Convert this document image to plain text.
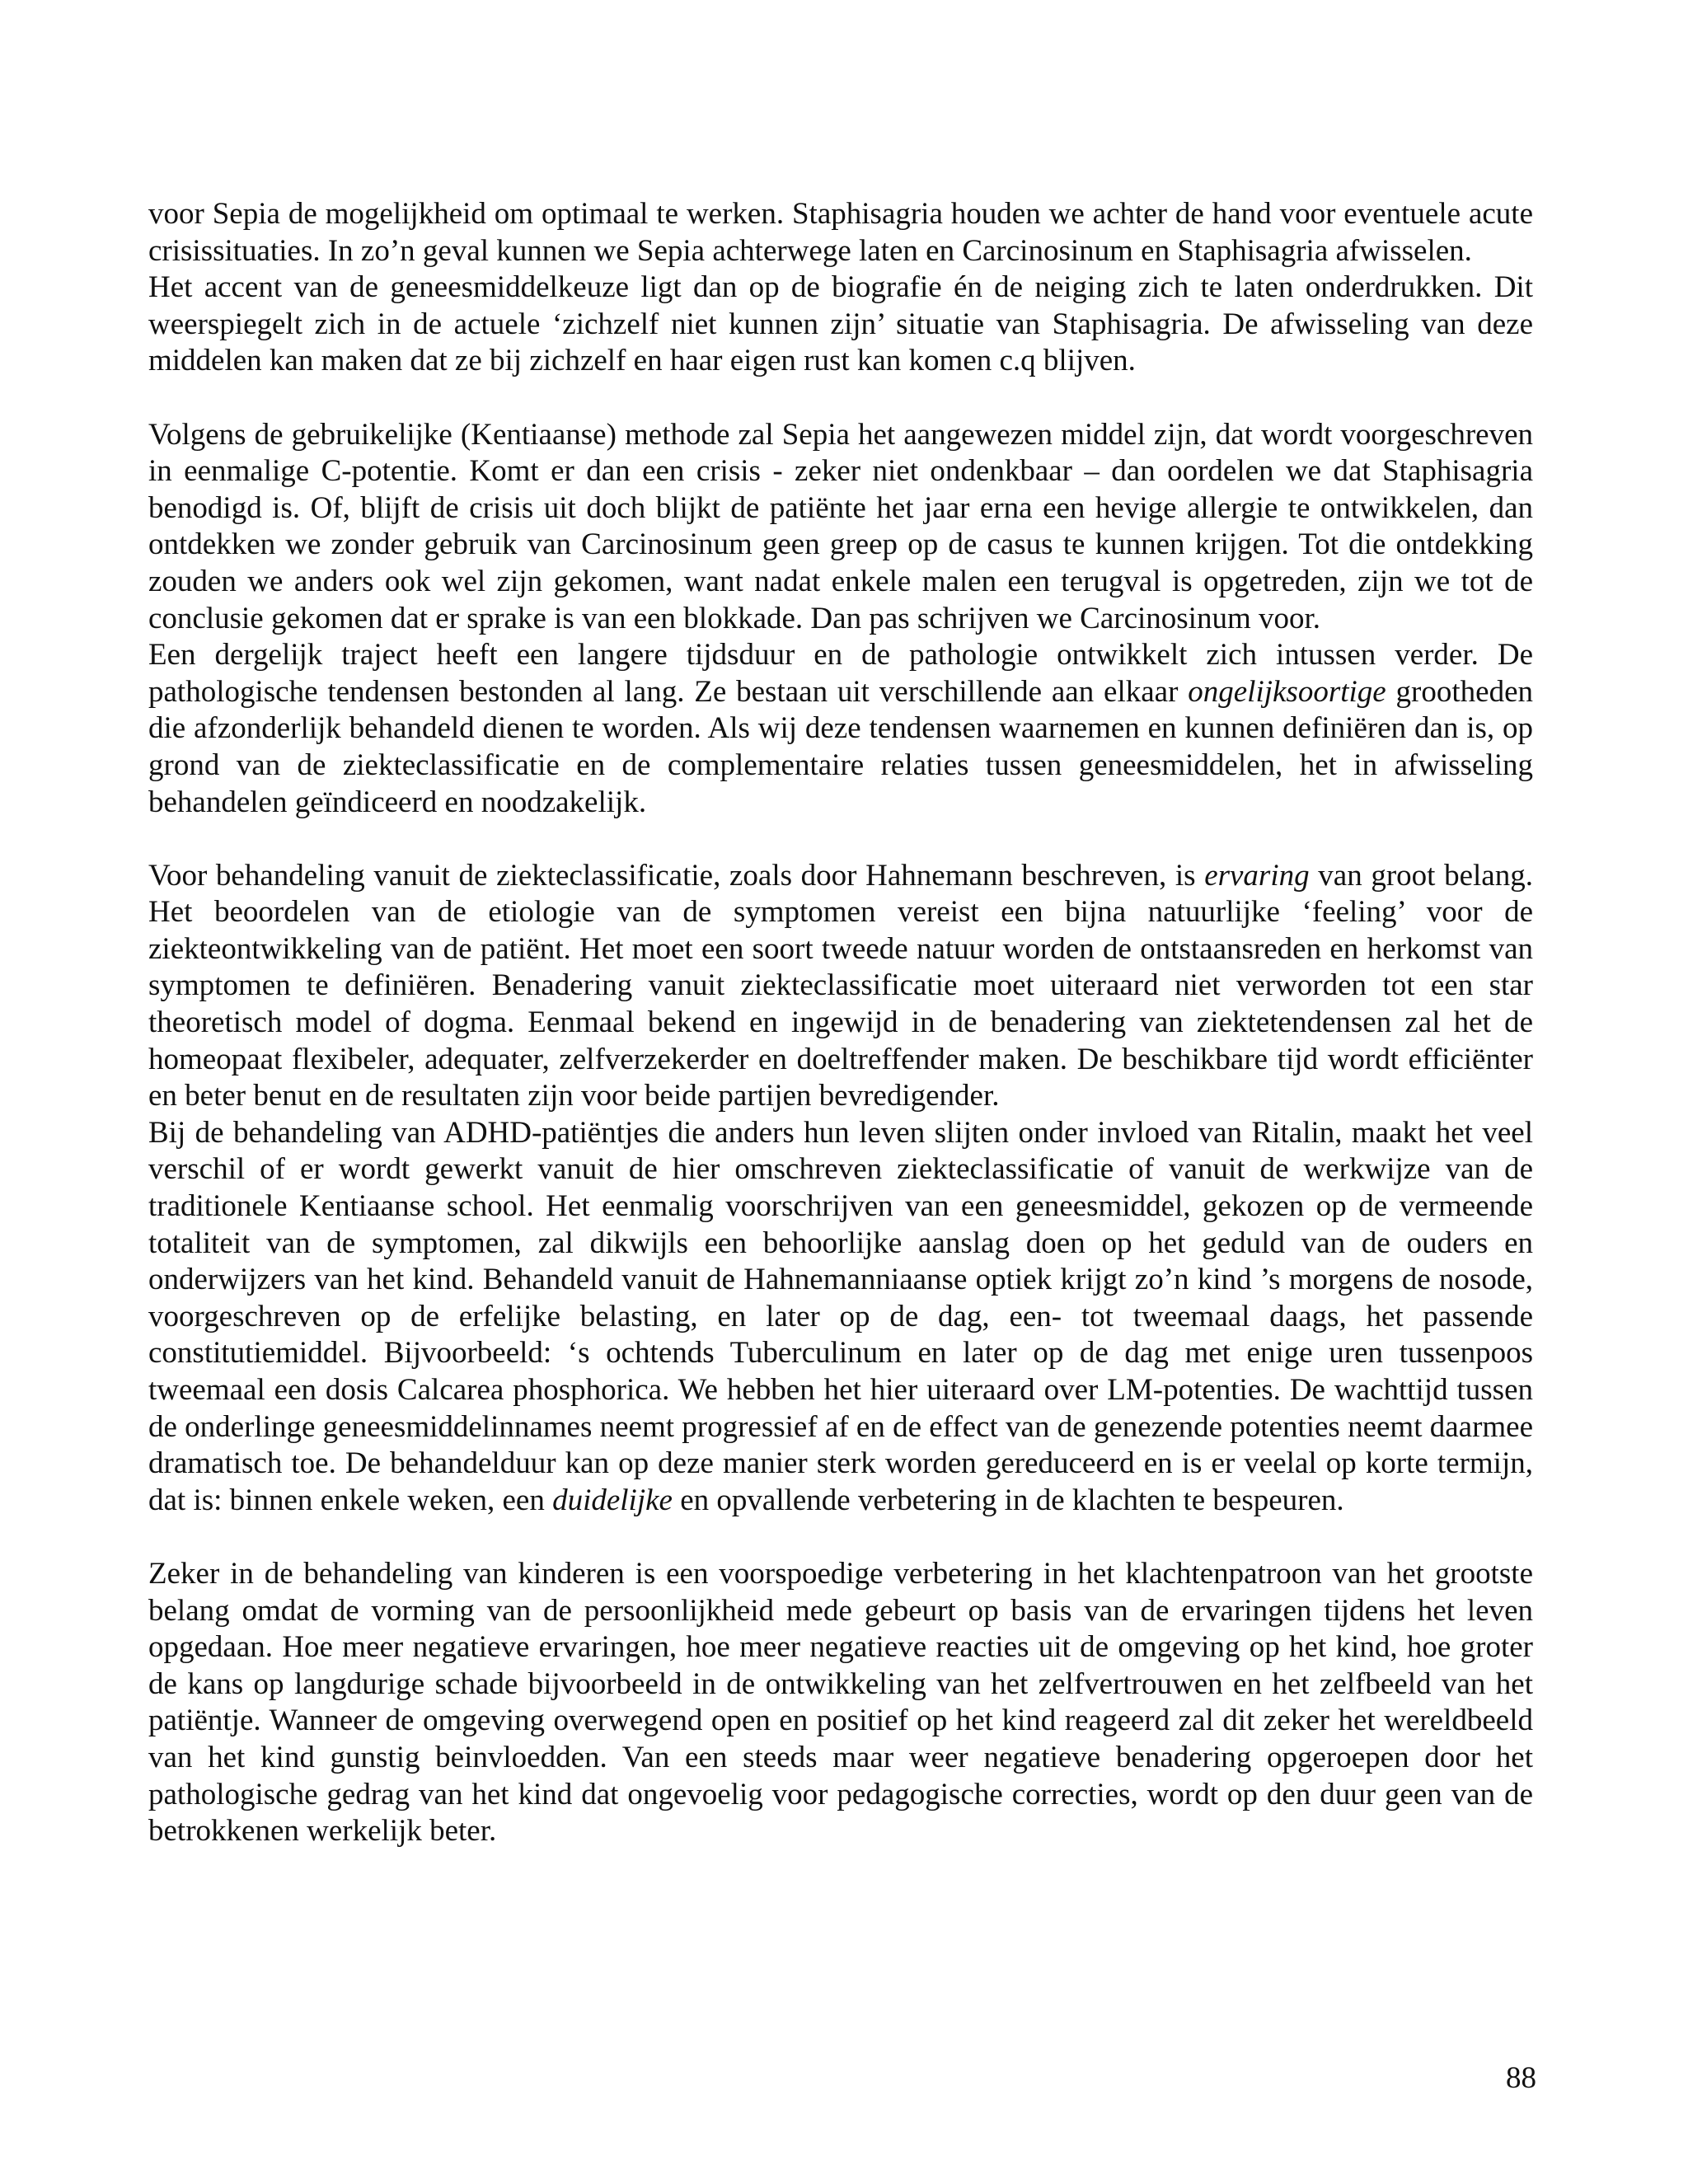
voor Sepia de mogelijkheid om optimaal te werken. Staphisagria houden we achter de hand voor eventuele acute crisissituaties. In zo’n geval kunnen we Sepia achterwege laten en Carcinosinum en Staphisagria afwisselen.

Het accent van de geneesmiddelkeuze ligt dan op de biografie én de neiging zich te laten onderdrukken. Dit weerspiegelt zich in de actuele ‘zichzelf niet kunnen zijn’ situatie van Staphisagria. De afwisseling van deze middelen kan maken dat ze bij zichzelf en haar eigen rust kan komen c.q blijven.

Volgens de gebruikelijke (Kentiaanse) methode zal Sepia het aangewezen middel zijn, dat wordt voorgeschreven in eenmalige C-potentie. Komt er dan een crisis - zeker niet ondenkbaar – dan oordelen we dat Staphisagria benodigd is. Of, blijft de crisis uit doch blijkt de patiënte het jaar erna een hevige allergie te ontwikkelen, dan ontdekken we zonder gebruik van Carcinosinum geen greep op de casus te kunnen krijgen. Tot die ontdekking zouden we anders ook wel zijn gekomen, want nadat enkele malen een terugval is opgetreden, zijn we tot de conclusie gekomen dat er sprake is van een blokkade. Dan pas schrijven we Carcinosinum voor.

Een dergelijk traject heeft een langere tijdsduur en de pathologie ontwikkelt zich intussen verder. De pathologische tendensen bestonden al lang. Ze bestaan uit verschillende aan elkaar ongelijksoortige grootheden die afzonderlijk behandeld dienen te worden. Als wij deze tendensen waarnemen en kunnen definiëren dan is, op grond van de ziekteclassificatie en de complementaire relaties tussen geneesmiddelen, het in afwisseling behandelen geïndiceerd en noodzakelijk.

Voor behandeling vanuit de ziekteclassificatie, zoals door Hahnemann beschreven, is ervaring van groot belang. Het beoordelen van de etiologie van de symptomen vereist een bijna natuurlijke ‘feeling’ voor de ziekteontwikkeling van de patiënt. Het moet een soort tweede natuur worden de ontstaansreden en herkomst van symptomen te definiëren. Benadering vanuit ziekteclassificatie moet uiteraard niet verworden tot een star theoretisch model of dogma. Eenmaal bekend en ingewijd in de benadering van ziektetendensen zal het de homeopaat flexibeler, adequater, zelfverzekerder en doeltreffender maken. De beschikbare tijd wordt efficiënter en beter benut en de resultaten zijn voor beide partijen bevredigender.

Bij de behandeling van ADHD-patiëntjes die anders hun leven slijten onder invloed van Ritalin, maakt het veel verschil of er wordt gewerkt vanuit de hier omschreven ziekteclassificatie of vanuit de werkwijze van de traditionele Kentiaanse school. Het eenmalig voorschrijven van een geneesmiddel, gekozen op de vermeende totaliteit van de symptomen, zal dikwijls een behoorlijke aanslag doen op het geduld van de ouders en onderwijzers van het kind. Behandeld vanuit de Hahnemanniaanse optiek krijgt zo’n kind ’s morgens de nosode, voorgeschreven op de erfelijke belasting, en later op de dag, een- tot tweemaal daags, het passende constitutiemiddel. Bijvoorbeeld: ‘s ochtends Tuberculinum en later op de dag met enige uren tussenpoos tweemaal een dosis Calcarea phosphorica. We hebben het hier uiteraard over LM-potenties. De wachttijd tussen de onderlinge geneesmiddelinnames neemt progressief af en de effect van de genezende potenties neemt daarmee dramatisch toe. De behandelduur kan op deze manier sterk worden gereduceerd en is er veelal op korte termijn, dat is: binnen enkele weken, een duidelijke en opvallende verbetering in de klachten te bespeuren.

Zeker in de behandeling van kinderen is een voorspoedige verbetering in het klachtenpatroon van het grootste belang omdat de vorming van de persoonlijkheid mede gebeurt op basis van de ervaringen tijdens het leven opgedaan. Hoe meer negatieve ervaringen, hoe meer negatieve reacties uit de omgeving op het kind, hoe groter de kans op langdurige schade bijvoorbeeld in de ontwikkeling van het zelfvertrouwen en het zelfbeeld van het patiëntje. Wanneer de omgeving overwegend open en positief op het kind reageerd zal dit zeker het wereldbeeld van het kind gunstig beinvloedden. Van een steeds maar weer negatieve benadering opgeroepen door het pathologische gedrag van het kind dat ongevoelig voor pedagogische correcties, wordt op den duur geen van de betrokkenen werkelijk beter.

88
